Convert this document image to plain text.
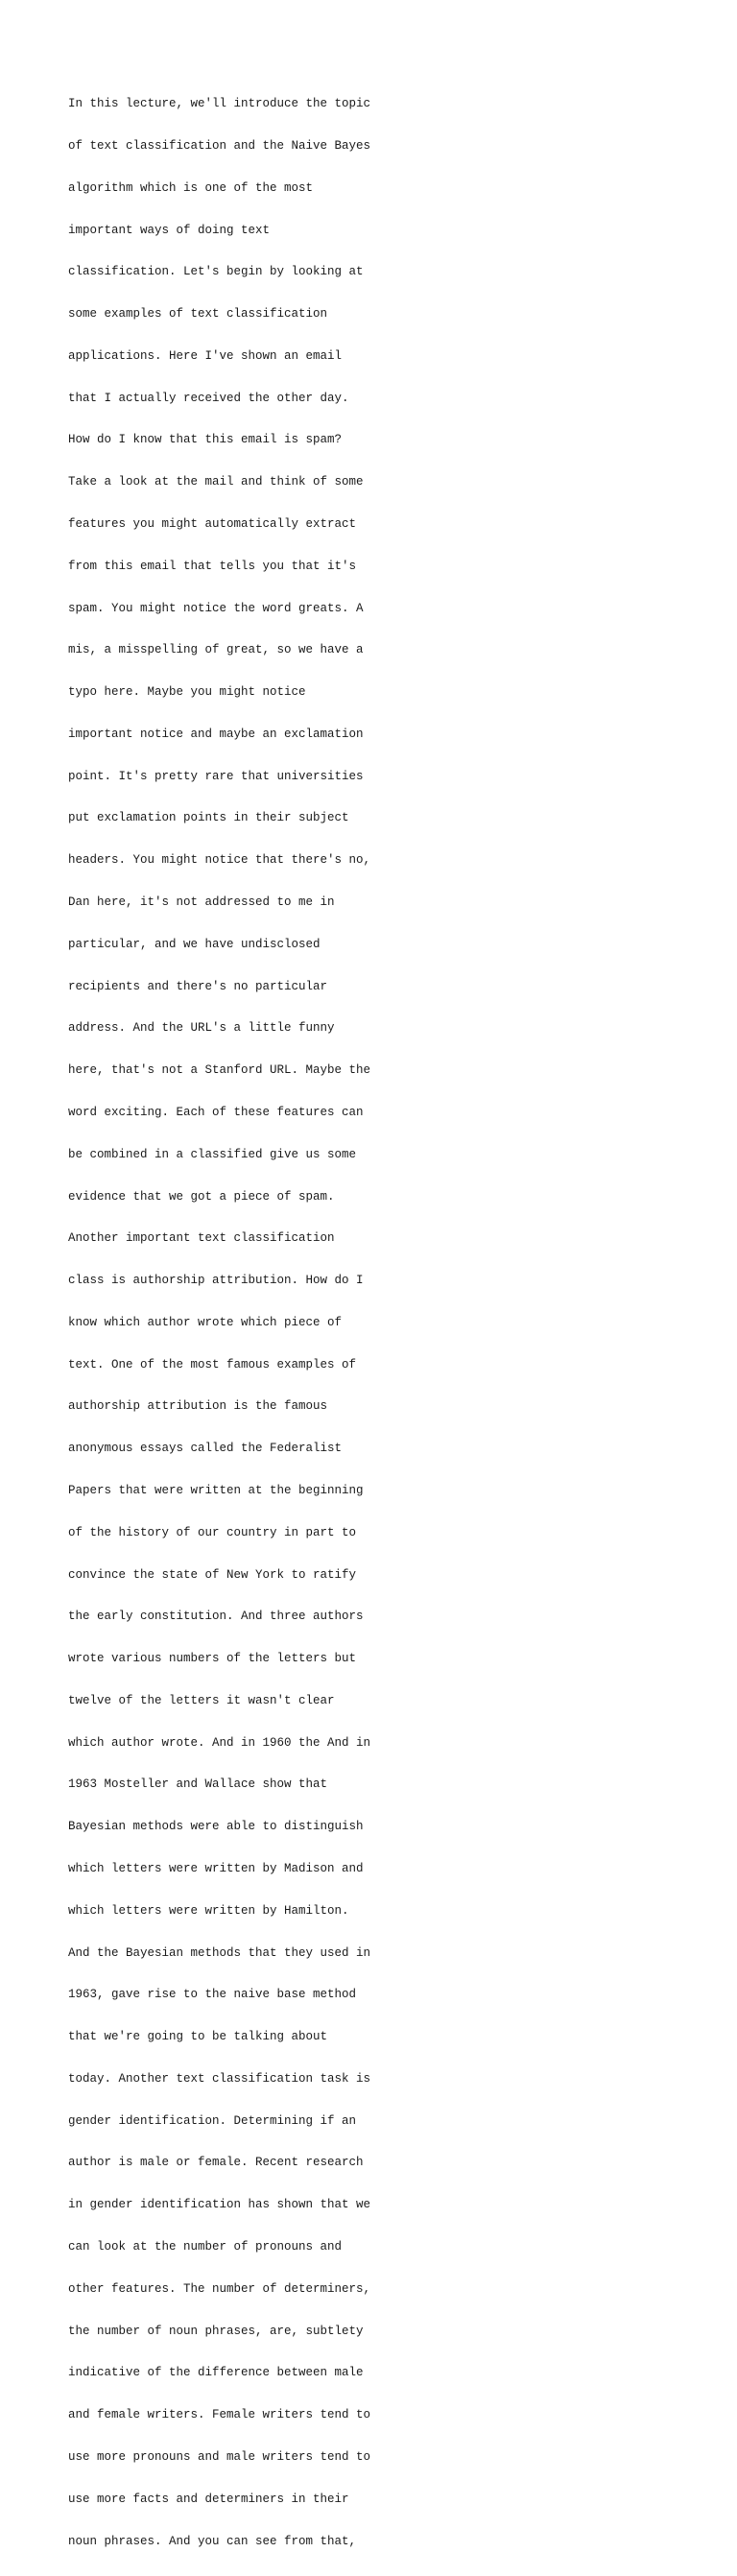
In this lecture, we'll introduce the topic

of text classification and the Naive Bayes

algorithm which is one of the most

important ways of doing text

classification. Let's begin by looking at

some examples of text classification

applications. Here I've shown an email

that I actually received the other day.

How do I know that this email is spam?

Take a look at the mail and think of some

features you might automatically extract

from this email that tells you that it's

spam. You might notice the word greats. A

mis, a misspelling of great, so we have a

typo here. Maybe you might notice

important notice and maybe an exclamation

point. It's pretty rare that universities

put exclamation points in their subject

headers. You might notice that there's no,

Dan here, it's not addressed to me in

particular, and we have undisclosed

recipients and there's no particular

address. And the URL's a little funny

here, that's not a Stanford URL. Maybe the

word exciting. Each of these features can

be combined in a classified give us some

evidence that we got a piece of spam.

Another important text classification

class is authorship attribution. How do I

know which author wrote which piece of

text. One of the most famous examples of

authorship attribution is the famous

anonymous essays called the Federalist

Papers that were written at the beginning

of the history of our country in part to

convince the state of New York to ratify

the early constitution. And three authors

wrote various numbers of the letters but

twelve of the letters it wasn't clear

which author wrote. And in 1960 the And in

1963 Mosteller and Wallace show that

Bayesian methods were able to distinguish

which letters were written by Madison and

which letters were written by Hamilton.

And the Bayesian methods that they used in

1963, gave rise to the naive base method

that we're going to be talking about

today. Another text classification task is

gender identification. Determining if an

author is male or female. Recent research

in gender identification has shown that we

can look at the number of pronouns and

other features. The number of determiners,

the number of noun phrases, are, subtlety

indicative of the difference between male

and female writers. Female writers tend to

use more pronouns and male writers tend to

use more facts and determiners in their

noun phrases. And you can see from that,
